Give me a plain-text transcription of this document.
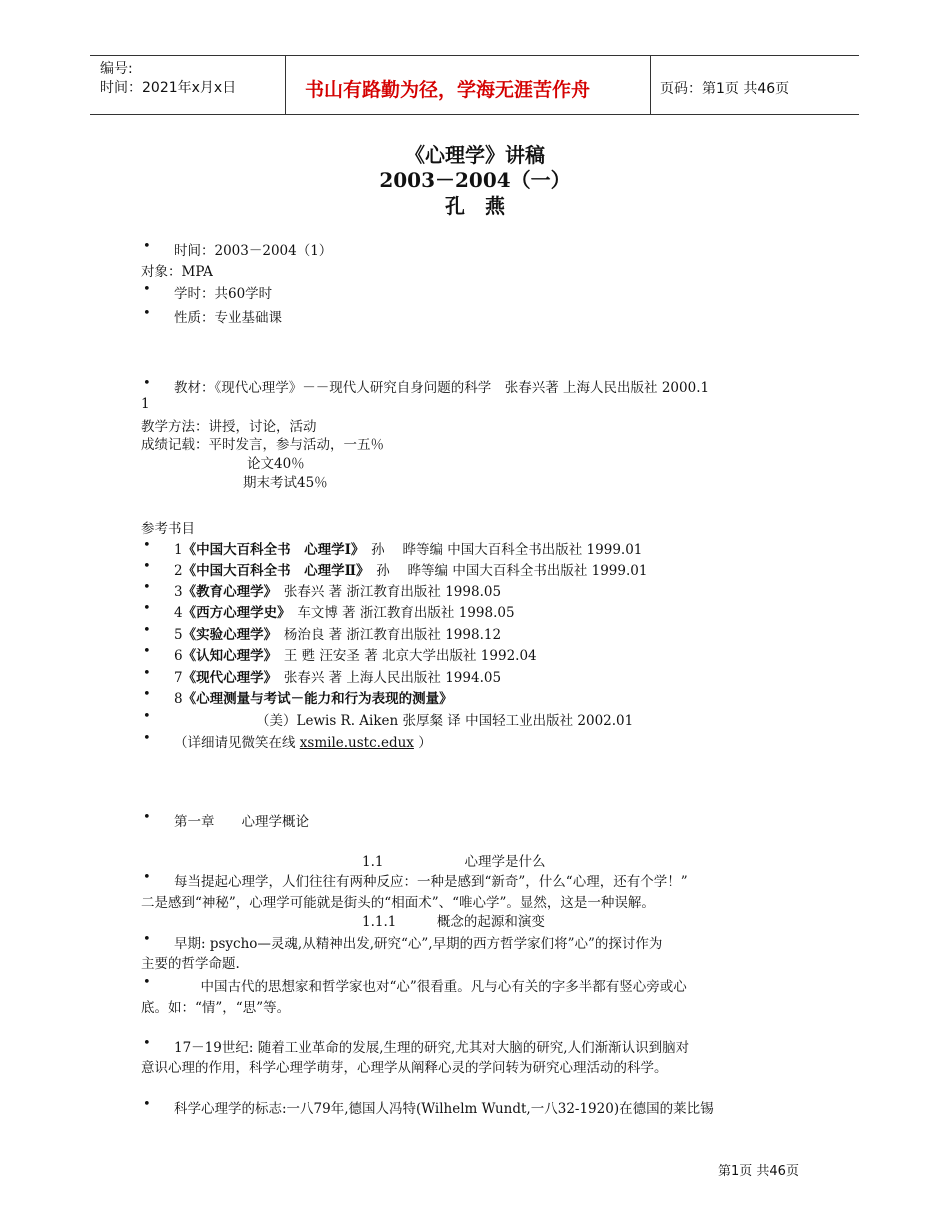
编号:
时间：2021年x月x日	书山有路勤为径，学海无涯苦作舟	页码：第1页 共46页
《心理学》讲稿
2003－2004（一）
孔　燕
• 时间：2003－2004（1）
对象：MPA
• 学时：共60学时
• 性质：专业基础课
• 教材：《现代心理学》－－现代人研究自身问题的科学　张春兴著 上海人民出版社 2000.1
1
教学方法：讲授，讨论，活动
成绩记载：平时发言，参与活动，一五％
论文40％
期末考试45％
参考书目
• 1《中国大百科全书　心理学Ⅰ》　孙　 晔等编 中国大百科全书出版社 1999.01
• 2《中国大百科全书　心理学Ⅱ》　孙　 晔等编 中国大百科全书出版社 1999.01
• 3《教育心理学》　张春兴 著 浙江教育出版社 1998.05
• 4《西方心理学史》　车文博 著 浙江教育出版社 1998.05
• 5《实验心理学》　杨治良 著 浙江教育出版社 1998.12
• 6《认知心理学》　王 甦 汪安圣 著 北京大学出版社 1992.04
• 7《现代心理学》　张春兴 著 上海人民出版社 1994.05
• 8《心理测量与考试－能力和行为表现的测量》
•	（美）Lewis R. Aiken 张厚粲 译 中国轻工业出版社 2002.01
• （详细请见微笑在线 xsmile.ustc.edux ）
• 第一章　　心理学概论
1.1　　　　　　心理学是什么
• 每当提起心理学，人们往往有两种反应：一种是感到“新奇”，什么“心理，还有个学！”
二是感到“神秘”，心理学可能就是街头的“相面术”、“唯心学”。显然，这是一种误解。
1.1.1　　　概念的起源和演变
• 早期: psycho—灵魂,从精神出发,研究“心”,早期的西方哲学家们将”心”的探讨作为
主要的哲学命题.
• 　　　中国古代的思想家和哲学家也对“心”很看重。凡与心有关的字多半都有竖心旁或心
底。如：“情”，“思”等。
• 17－19世纪: 随着工业革命的发展,生理的研究,尤其对大脑的研究,人们渐渐认识到脑对
意识心理的作用，科学心理学萌芽，心理学从阐释心灵的学问转为研究心理活动的科学。
• 科学心理学的标志:一八79年,德国人冯特(Wilhelm Wundt,一八32-1920)在德国的莱比锡
第1页 共46页
